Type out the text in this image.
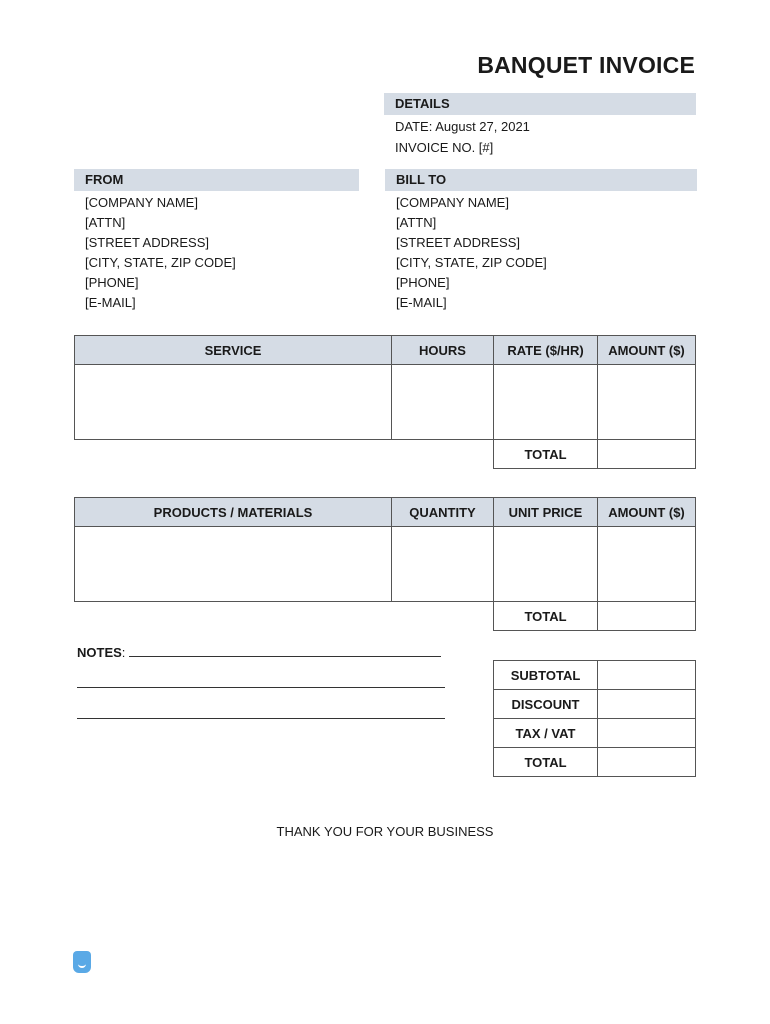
BANQUET INVOICE
DETAILS
DATE: August 27, 2021
INVOICE NO. [#]
FROM
[COMPANY NAME]
[ATTN]
[STREET ADDRESS]
[CITY, STATE, ZIP CODE]
[PHONE]
[E-MAIL]
BILL TO
[COMPANY NAME]
[ATTN]
[STREET ADDRESS]
[CITY, STATE, ZIP CODE]
[PHONE]
[E-MAIL]
SERVICE	HOURS	RATE ($/HR)	AMOUNT ($)

		TOTAL	
PRODUCTS / MATERIALS	QUANTITY	UNIT PRICE	AMOUNT ($)

		TOTAL	
NOTES:
SUBTOTAL	
DISCOUNT	
TAX / VAT	
TOTAL	
THANK YOU FOR YOUR BUSINESS
